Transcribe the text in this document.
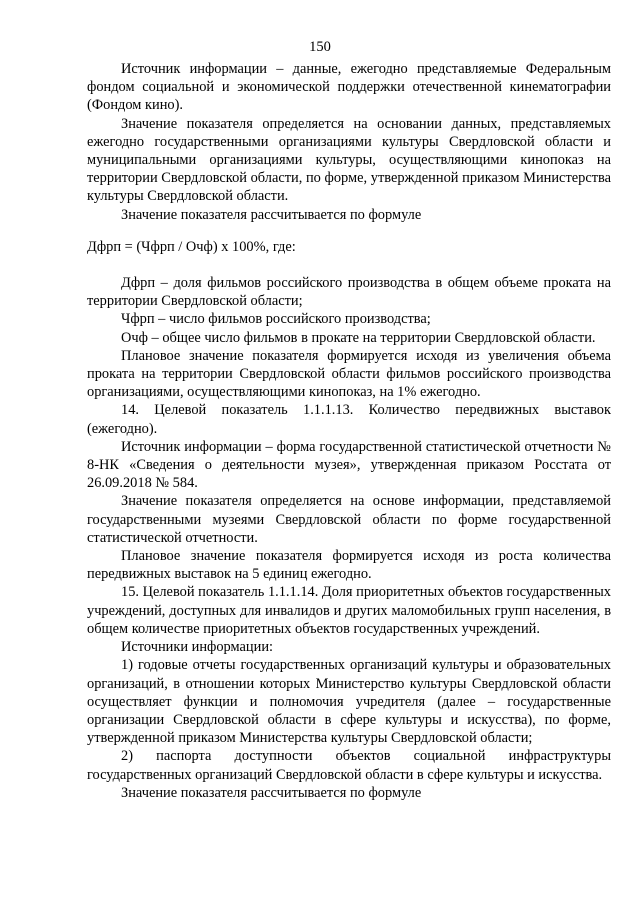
150

Источник информации – данные, ежегодно представляемые Федеральным фондом социальной и экономической поддержки отечественной кинематографии (Фондом кино).

Значение показателя определяется на основании данных, представляемых ежегодно государственными организациями культуры Свердловской области и муниципальными организациями культуры, осуществляющими кинопоказ на территории Свердловской области, по форме, утвержденной приказом Министерства культуры Свердловской области.

Значение показателя рассчитывается по формуле

Дфрп = (Чфрп / Очф) x 100%, где:

Дфрп – доля фильмов российского производства в общем объеме проката на территории Свердловской области;

Чфрп – число фильмов российского производства;

Очф – общее число фильмов в прокате на территории Свердловской области.

Плановое значение показателя формируется исходя из увеличения объема проката на территории Свердловской области фильмов российского производства организациями, осуществляющими кинопоказ, на 1% ежегодно.

14. Целевой показатель 1.1.1.13. Количество передвижных выставок (ежегодно).

Источник информации – форма государственной статистической отчетности № 8-НК «Сведения о деятельности музея», утвержденная приказом Росстата от 26.09.2018 № 584.

Значение показателя определяется на основе информации, представляемой государственными музеями Свердловской области по форме государственной статистической отчетности.

Плановое значение показателя формируется исходя из роста количества передвижных выставок на 5 единиц ежегодно.

15. Целевой показатель 1.1.1.14. Доля приоритетных объектов государственных учреждений, доступных для инвалидов и других маломобильных групп населения, в общем количестве приоритетных объектов государственных учреждений.

Источники информации:

1) годовые отчеты государственных организаций культуры и образовательных организаций, в отношении которых Министерство культуры Свердловской области осуществляет функции и полномочия учредителя (далее – государственные организации Свердловской области в сфере культуры и искусства), по форме, утвержденной приказом Министерства культуры Свердловской области;

2) паспорта доступности объектов социальной инфраструктуры государственных организаций Свердловской области в сфере культуры и искусства.

Значение показателя рассчитывается по формуле
